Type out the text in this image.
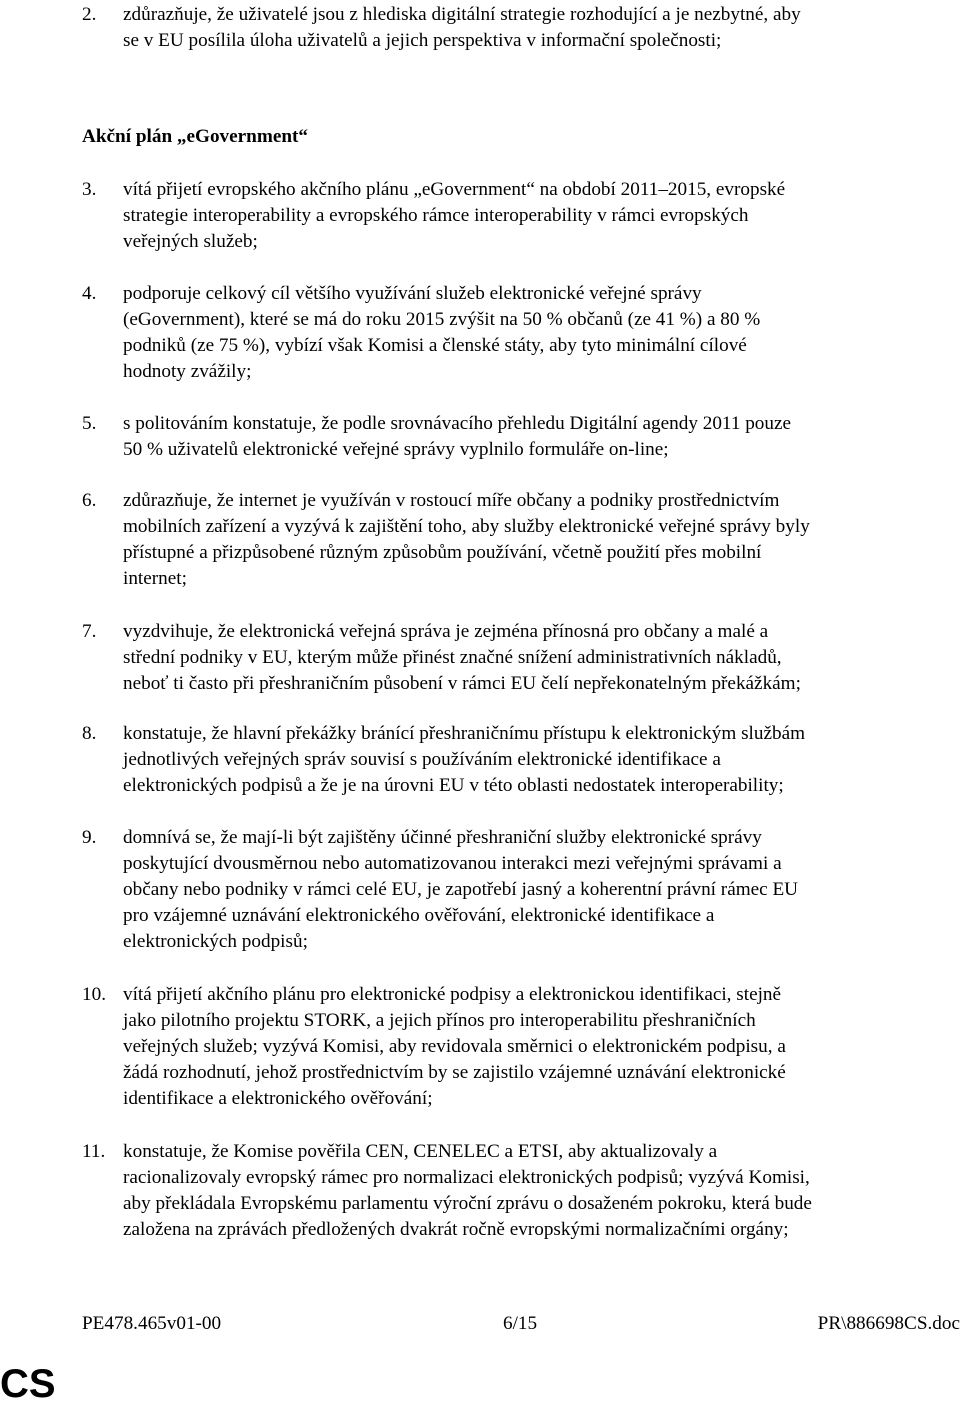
2. zdůrazňuje, že uživatelé jsou z hlediska digitální strategie rozhodující a je nezbytné, aby
se v EU posílila úloha uživatelů a jejich perspektiva v informační společnosti;
Akční plán „eGovernment“
3. vítá přijetí evropského akčního plánu „eGovernment“ na období 2011–2015, evropské
strategie interoperability a evropského rámce interoperability v rámci evropských
veřejných služeb;
4. podporuje celkový cíl většího využívání služeb elektronické veřejné správy
(eGovernment), které se má do roku 2015 zvýšit na 50 % občanů (ze 41 %) a 80 %
podniků (ze 75 %), vybízí však Komisi a členské státy, aby tyto minimální cílové
hodnoty zvážily;
5. s politováním konstatuje, že podle srovnávacího přehledu Digitální agendy 2011 pouze
50 % uživatelů elektronické veřejné správy vyplnilo formuláře on-line;
6. zdůrazňuje, že internet je využíván v rostoucí míře občany a podniky prostřednictvím
mobilních zařízení a vyzývá k zajištění toho, aby služby elektronické veřejné správy byly
přístupné a přizpůsobené různým způsobům používání, včetně použití přes mobilní
internet;
7. vyzdvihuje, že elektronická veřejná správa je zejména přínosná pro občany a malé a
střední podniky v EU, kterým může přinést značné snížení administrativních nákladů,
neboť ti často při přeshraničním působení v rámci EU čelí nepřekonatelným překážkám;
8. konstatuje, že hlavní překážky bránící přeshraničnímu přístupu k elektronickým službám
jednotlivých veřejných správ souvisí s používáním elektronické identifikace a
elektronických podpisů a že je na úrovni EU v této oblasti nedostatek interoperability;
9. domnívá se, že mají-li být zajištěny účinné přeshraniční služby elektronické správy
poskytující dvousměrnou nebo automatizovanou interakci mezi veřejnými správami a
občany nebo podniky v rámci celé EU, je zapotřebí jasný a koherentní právní rámec EU
pro vzájemné uznávání elektronického ověřování, elektronické identifikace a
elektronických podpisů;
10. vítá přijetí akčního plánu pro elektronické podpisy a elektronickou identifikaci, stejně
jako pilotního projektu STORK, a jejich přínos pro interoperabilitu přeshraničních
veřejných služeb; vyzývá Komisi, aby revidovala směrnici o elektronickém podpisu, a
žádá rozhodnutí, jehož prostřednictvím by se zajistilo vzájemné uznávání elektronické
identifikace a elektronického ověřování;
11. konstatuje, že Komise pověřila CEN, CENELEC a ETSI, aby aktualizovaly a
racionalizovaly evropský rámec pro normalizaci elektronických podpisů; vyzývá Komisi,
aby překládala Evropskému parlamentu výroční zprávu o dosaženém pokroku, která bude
založena na zprávách předložených dvakrát ročně evropskými normalizačními orgány;
PE478.465v01-00	6/15	PR\886698CS.doc
CS
